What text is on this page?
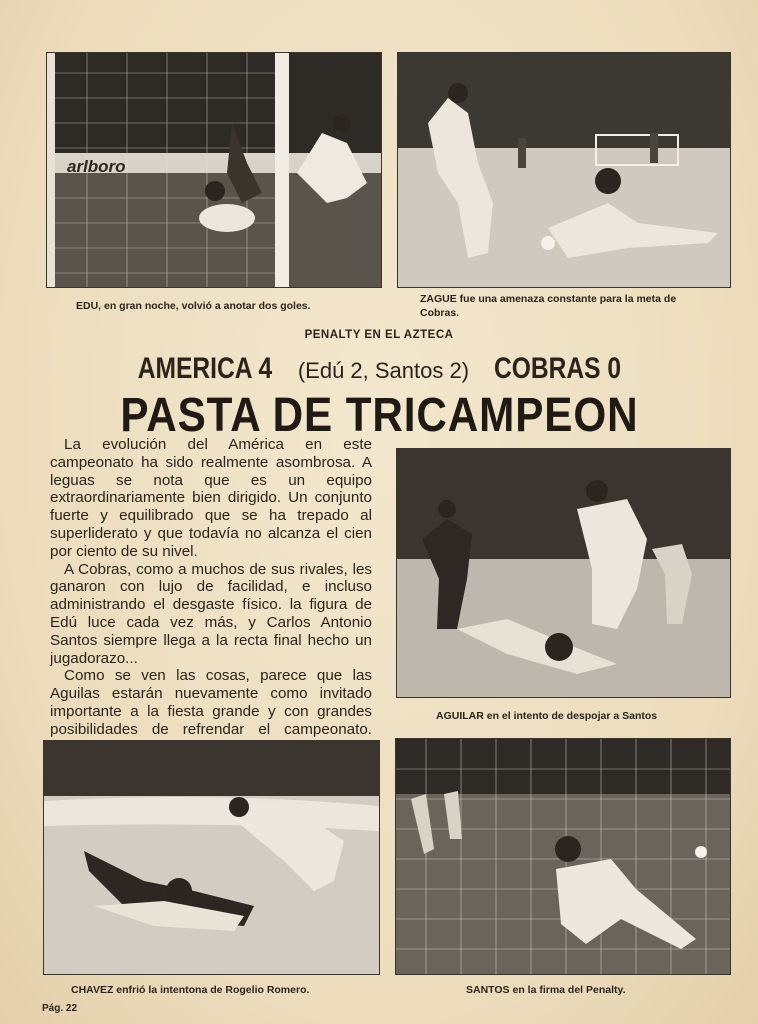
arlboro
EDU, en gran noche, volvió a anotar dos goles.
ZAGUE fue una amenaza constante para la meta de Cobras.
PENALTY EN EL AZTECA
AMERICA 4 (Edú 2, Santos 2) COBRAS 0
PASTA DE TRICAMPEON

La evolución del América en este campeonato ha sido realmente asombrosa. A leguas se nota que es un equipo extraordinariamente bien dirigido. Un conjunto fuerte y equilibrado que se ha trepado al superliderato y que todavía no alcanza el cien por ciento de su nivel.

A Cobras, como a muchos de sus rivales, les ganaron con lujo de facilidad, e incluso administrando el desgaste físico. la figura de Edú luce cada vez más, y Carlos Antonio Santos siempre llega a la recta final hecho un jugadorazo...

Como se ven las cosas, parece que las Aguilas estarán nuevamente como invitado importante a la fiesta grande y con grandes posibilidades de refrendar el campeonato.

AGUILAR en el intento de despojar a Santos
CHAVEZ enfrió la intentona de Rogelio Romero.	SANTOS en la firma del Penalty.
Pág. 22
